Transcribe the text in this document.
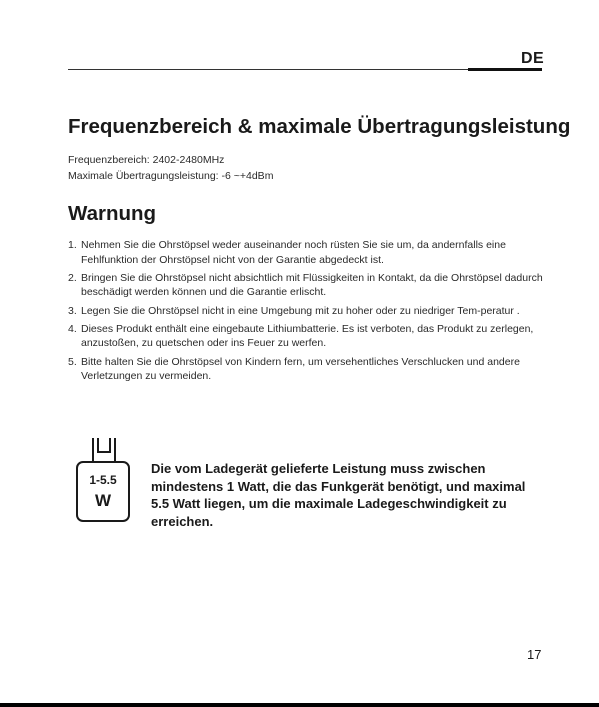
DE
Frequenzbereich & maximale Übertragungsleistung
Frequenzbereich: 2402-2480MHz
Maximale Übertragungsleistung: -6 ~+4dBm
Warnung
1. Nehmen Sie die Ohrstöpsel weder auseinander noch rüsten Sie sie um, da andernfalls eine Fehlfunktion der Ohrstöpsel nicht von der Garantie abgedeckt ist.
2. Bringen Sie die Ohrstöpsel nicht absichtlich mit Flüssigkeiten in Kontakt, da die Ohrstöpsel dadurch beschädigt werden können und die Garantie erlischt.
3. Legen Sie die Ohrstöpsel nicht in eine Umgebung mit zu hoher oder zu niedriger Tem-peratur .
4. Dieses Produkt enthält eine eingebaute Lithiumbatterie. Es ist verboten, das Produkt zu zerlegen, anzustoßen, zu quetschen oder ins Feuer zu werfen.
5. Bitte halten Sie die Ohrstöpsel von Kindern fern, um versehentliches Verschlucken und andere Verletzungen zu vermeiden.
1-5.5
W
Die vom Ladegerät gelieferte Leistung muss zwischen mindestens 1 Watt, die das Funkgerät benötigt, und maximal 5.5 Watt liegen, um die maximale Ladegeschwindigkeit zu erreichen.
17
